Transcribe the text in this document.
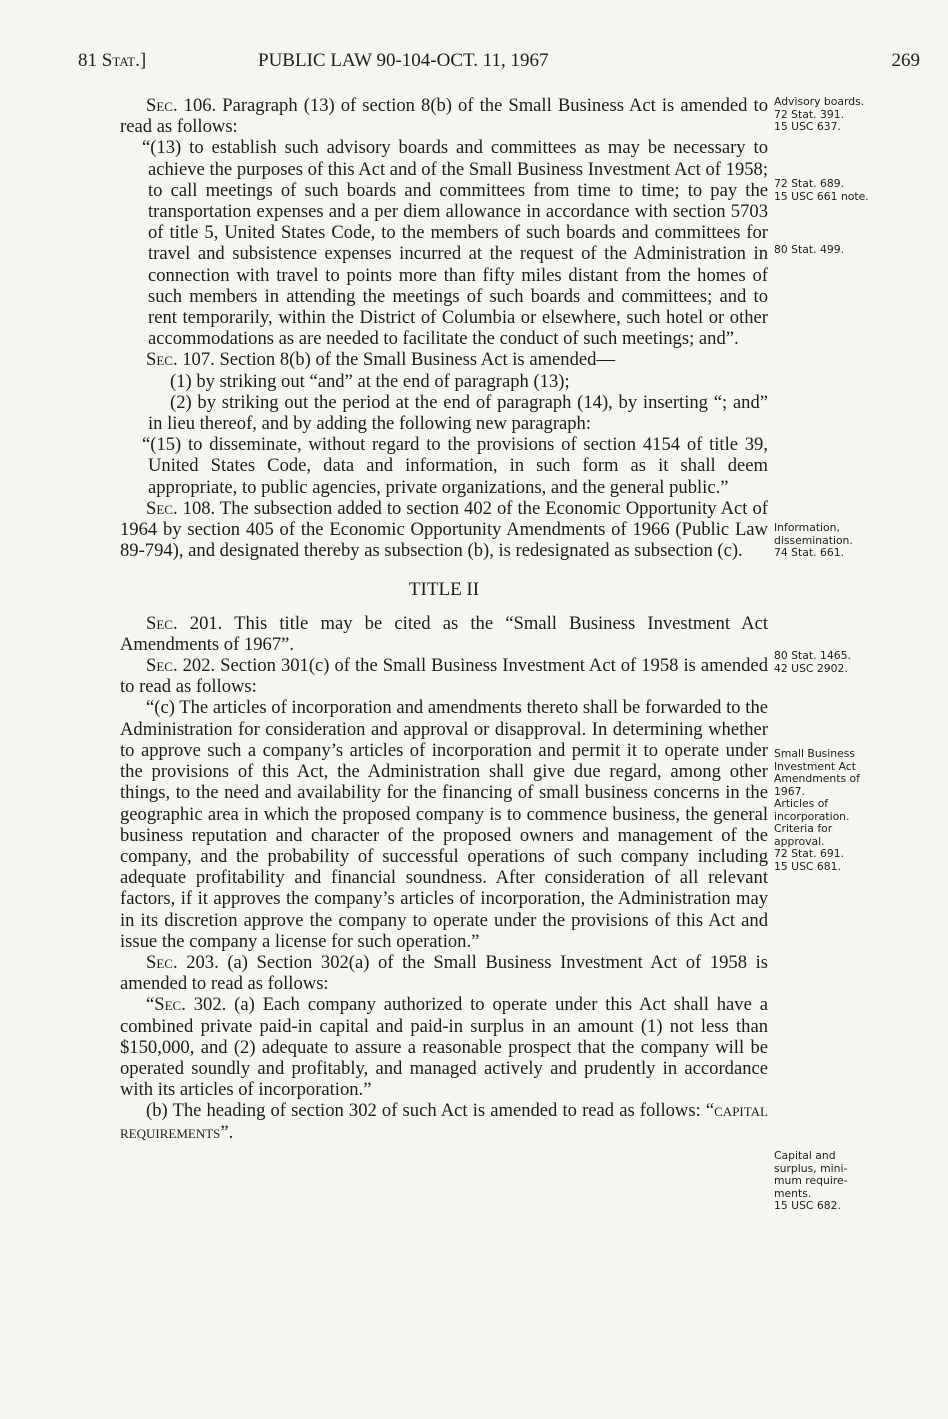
81 Stat.]	PUBLIC LAW 90-104-OCT. 11, 1967	269

Sec. 106. Paragraph (13) of section 8(b) of the Small Business Act is amended to read as follows:

“(13) to establish such advisory boards and committees as may be necessary to achieve the purposes of this Act and of the Small Business Investment Act of 1958; to call meetings of such boards and committees from time to time; to pay the transportation expenses and a per diem allowance in accordance with section 5703 of title 5, United States Code, to the members of such boards and committees for travel and subsistence expenses incurred at the request of the Administration in connection with travel to points more than fifty miles distant from the homes of such members in attending the meetings of such boards and committees; and to rent temporarily, within the District of Columbia or elsewhere, such hotel or other accommodations as are needed to facilitate the conduct of such meetings; and”.

Sec. 107. Section 8(b) of the Small Business Act is amended—

(1) by striking out “and” at the end of paragraph (13);

(2) by striking out the period at the end of paragraph (14), by inserting “; and” in lieu thereof, and by adding the following new paragraph:

“(15) to disseminate, without regard to the provisions of section 4154 of title 39, United States Code, data and information, in such form as it shall deem appropriate, to public agencies, private organizations, and the general public.”

Sec. 108. The subsection added to section 402 of the Economic Opportunity Act of 1964 by section 405 of the Economic Opportunity Amendments of 1966 (Public Law 89-794), and designated thereby as subsection (b), is redesignated as subsection (c).

TITLE II

Sec. 201. This title may be cited as the “Small Business Investment Act Amendments of 1967”.

Sec. 202. Section 301(c) of the Small Business Investment Act of 1958 is amended to read as follows:

“(c) The articles of incorporation and amendments thereto shall be forwarded to the Administration for consideration and approval or disapproval. In determining whether to approve such a company’s articles of incorporation and permit it to operate under the provisions of this Act, the Administration shall give due regard, among other things, to the need and availability for the financing of small business concerns in the geographic area in which the proposed company is to commence business, the general business reputation and character of the proposed owners and management of the company, and the probability of successful operations of such company including adequate profitability and financial soundness. After consideration of all relevant factors, if it approves the company’s articles of incorporation, the Administration may in its discretion approve the company to operate under the provisions of this Act and issue the company a license for such operation.”

Sec. 203. (a) Section 302(a) of the Small Business Investment Act of 1958 is amended to read as follows:

“Sec. 302. (a) Each company authorized to operate under this Act shall have a combined private paid-in capital and paid-in surplus in an amount (1) not less than $150,000, and (2) adequate to assure a reasonable prospect that the company will be operated soundly and profitably, and managed actively and prudently in accordance with its articles of incorporation.”

(b) The heading of section 302 of such Act is amended to read as follows: “capital requirements”.

Advisory boards.
72 Stat. 391.
15 USC 637.
72 Stat. 689.
15 USC 661 note.
80 Stat. 499.
Information,
dissemination.
74 Stat. 661.
80 Stat. 1465.
42 USC 2902.
Small Business
Investment Act
Amendments of
1967.
Articles of
incorporation.
Criteria for
approval.
72 Stat. 691.
15 USC 681.
Capital and
surplus, mini-
mum require-
ments.
15 USC 682.
